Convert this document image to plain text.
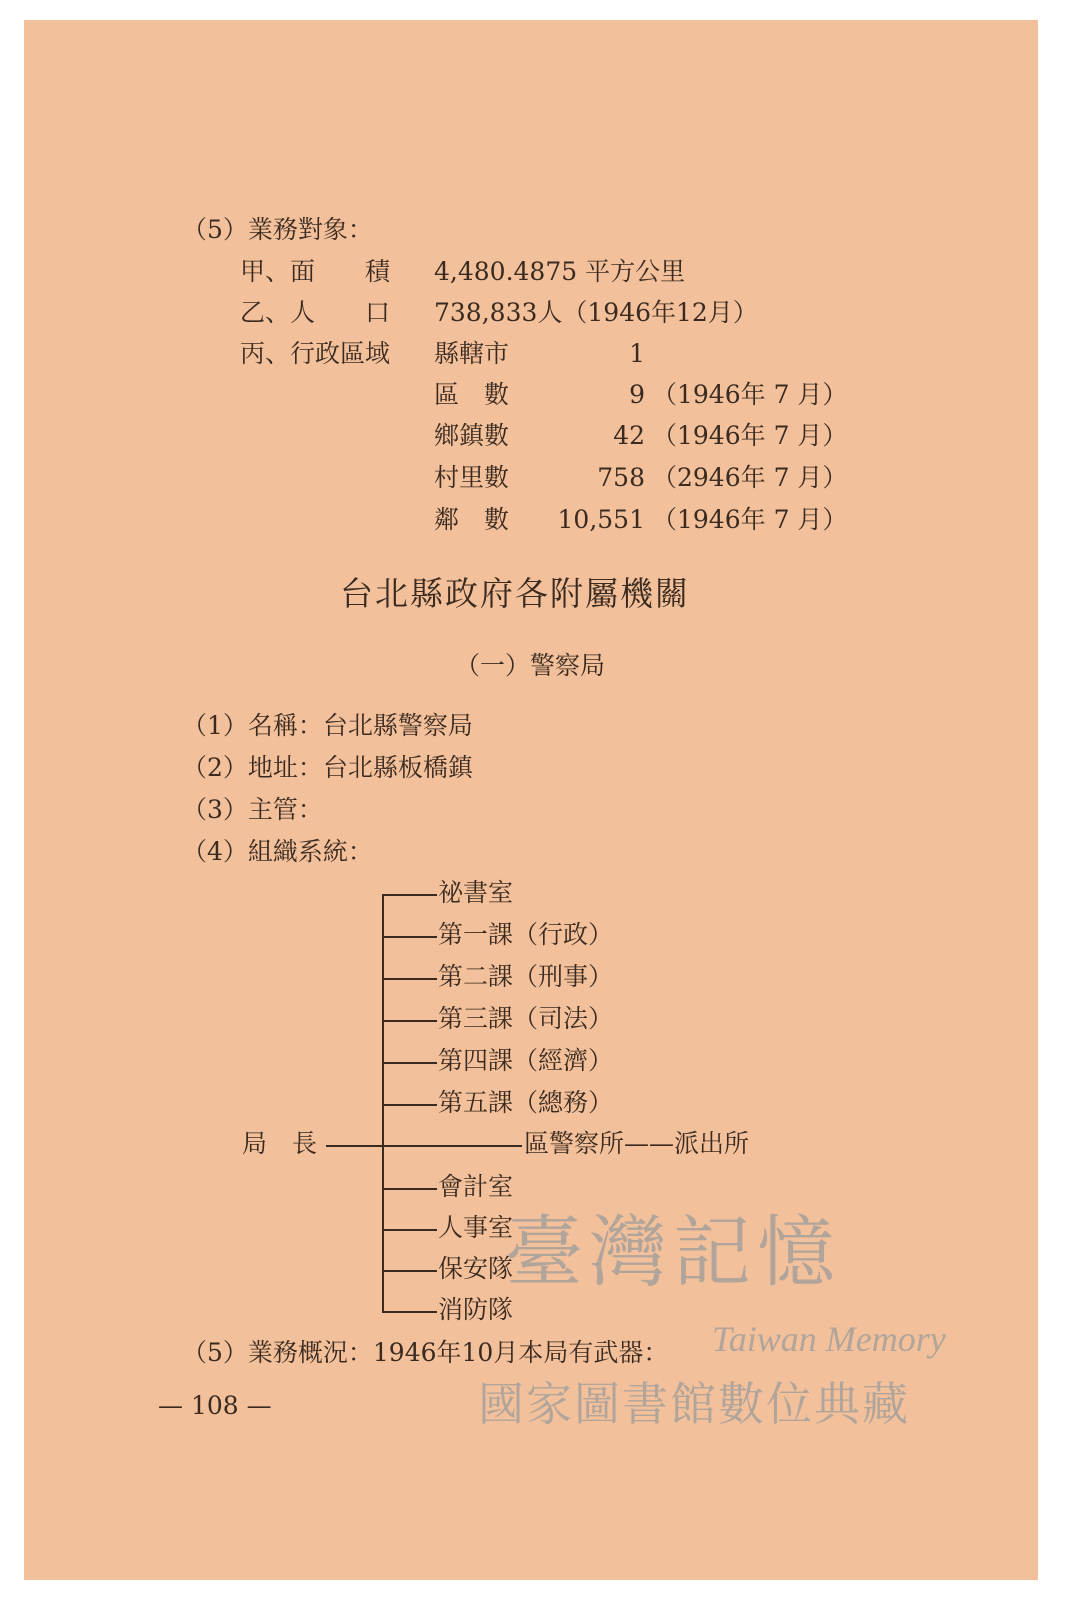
（5）業務對象：
甲、面　　積 4,480.4875 平方公里
乙、人　　口 738,833人（1946年12月）
丙、行政區域 縣轄市	1
區　數	9 （1946年 7 月）
鄉鎮數	42 （1946年 7 月）
村里數	758 （2946年 7 月）
鄰　數	10,551 （1946年 7 月）
台北縣政府各附屬機關
（一）警察局
（1）名稱：台北縣警察局
（2）地址：台北縣板橋鎮
（3）主管：
（4）組織系統：
祕書室
第一課（行政）
第二課（刑事）
第三課（司法）
第四課（經濟）
第五課（總務）
局　長	區警察所——派出所
會計室
人事室
保安隊
消防隊
（5）業務概況：1946年10月本局有武器：
— 108 —
臺灣記憶
Taiwan Memory
國家圖書館數位典藏
